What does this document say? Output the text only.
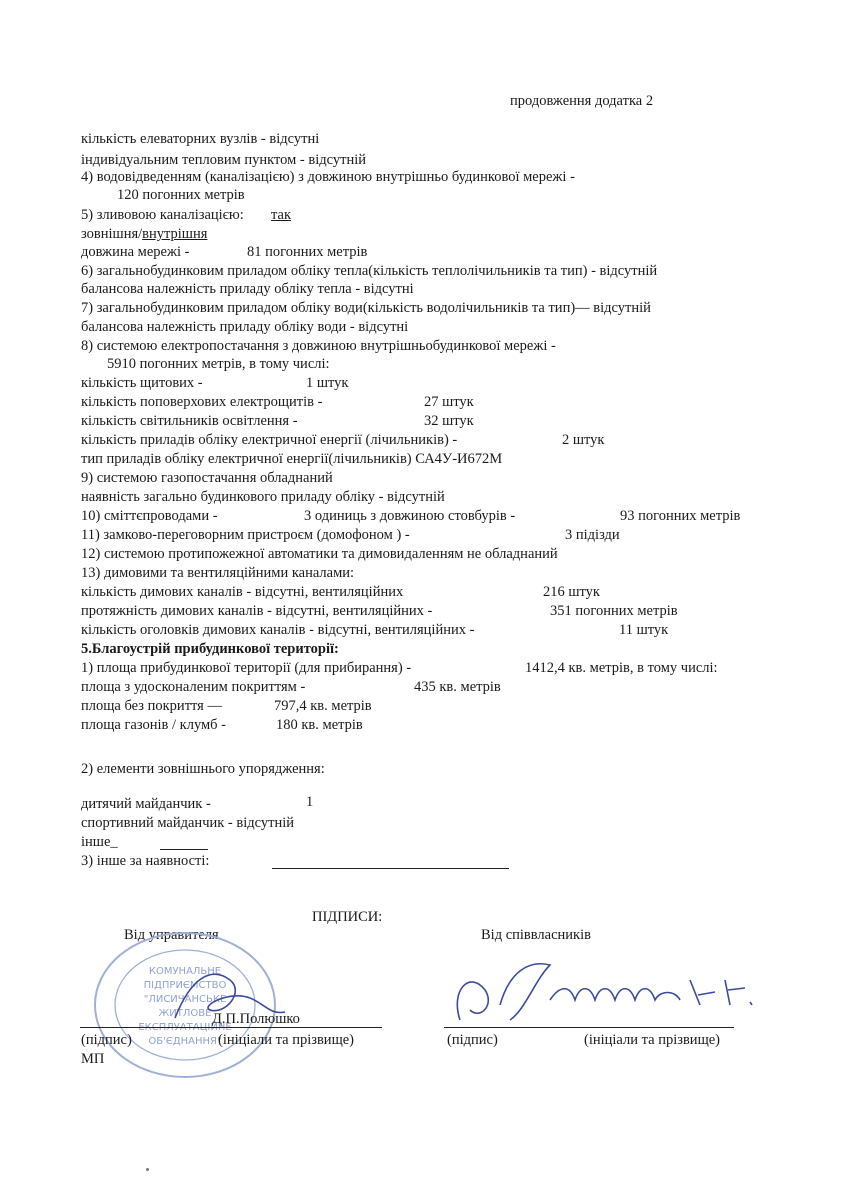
продовження додатка 2
кількість елеваторних вузлів - відсутні
індивідуальним тепловим пунктом - відсутній
4) водовідведенням (каналізацією) з довжиною внутрішньо будинкової мережі -
120 погонних метрів
5) зливовою каналізацією: так
зовнішня/внутрішня
довжина мережі -	81 погонних метрів
6) загальнобудинковим приладом обліку тепла(кількість теплолічильників та тип) - відсутній
балансова належність приладу обліку тепла - відсутні
7) загальнобудинковим приладом обліку води(кількість водолічильників та тип)— відсутній
балансова належність приладу обліку води - відсутні
8) системою електропостачання з довжиною внутрішньобудинкової мережі -
5910 погонних метрів, в тому числі:
кількість щитових -	1 штук
кількість поповерхових електрощитів -	27 штук
кількість світильників освітлення -	32 штук
кількість приладів обліку електричної енергії (лічильників) -	2 штук
тип приладів обліку електричної енергії(лічильників) СА4У-И672М
9) системою газопостачання обладнаний
наявність загально будинкового приладу обліку - відсутній
10) сміттєпроводами -	3 одиниць з довжиною стовбурів -	93 погонних метрів
11) замково-переговорним пристроєм (домофоном ) -	3 підізди
12) системою протипожежної автоматики та димовидаленням не обладнаний
13) димовими та вентиляційними каналами:
кількість димових каналів - відсутні, вентиляційних	216 штук
протяжність димових каналів - відсутні, вентиляційних -	351 погонних метрів
кількість оголовків димових каналів - відсутні, вентиляційних -	11 штук
5.Благоустрій прибудинкової території:
1) площа прибудинкової території (для прибирання) -	1412,4 кв. метрів, в тому числі:
площа з удосконаленим покриттям -	435 кв. метрів
площа без покриття —	797,4 кв. метрів
площа газонів / клумб -	180 кв. метрів
2) елементи зовнішнього упорядження:
дитячий майданчик -	1
спортивний майданчик - відсутній
інше_
3) інше за наявності:
ПІДПИСИ:
Від управителя	Від співвласників
КОМУНАЛЬНЕ
ПІДПРИЄМСТВО
"ЛИСИЧАНСЬКЕ
ЖИТЛОВЕ
ЕКСПЛУАТАЦІЙНЕ
ОБ'ЄДНАННЯ"
Д.П.Полюшко
(підпис)	(ініціали та прізвище)	(підпис)	(ініціали та прізвище)
МП
